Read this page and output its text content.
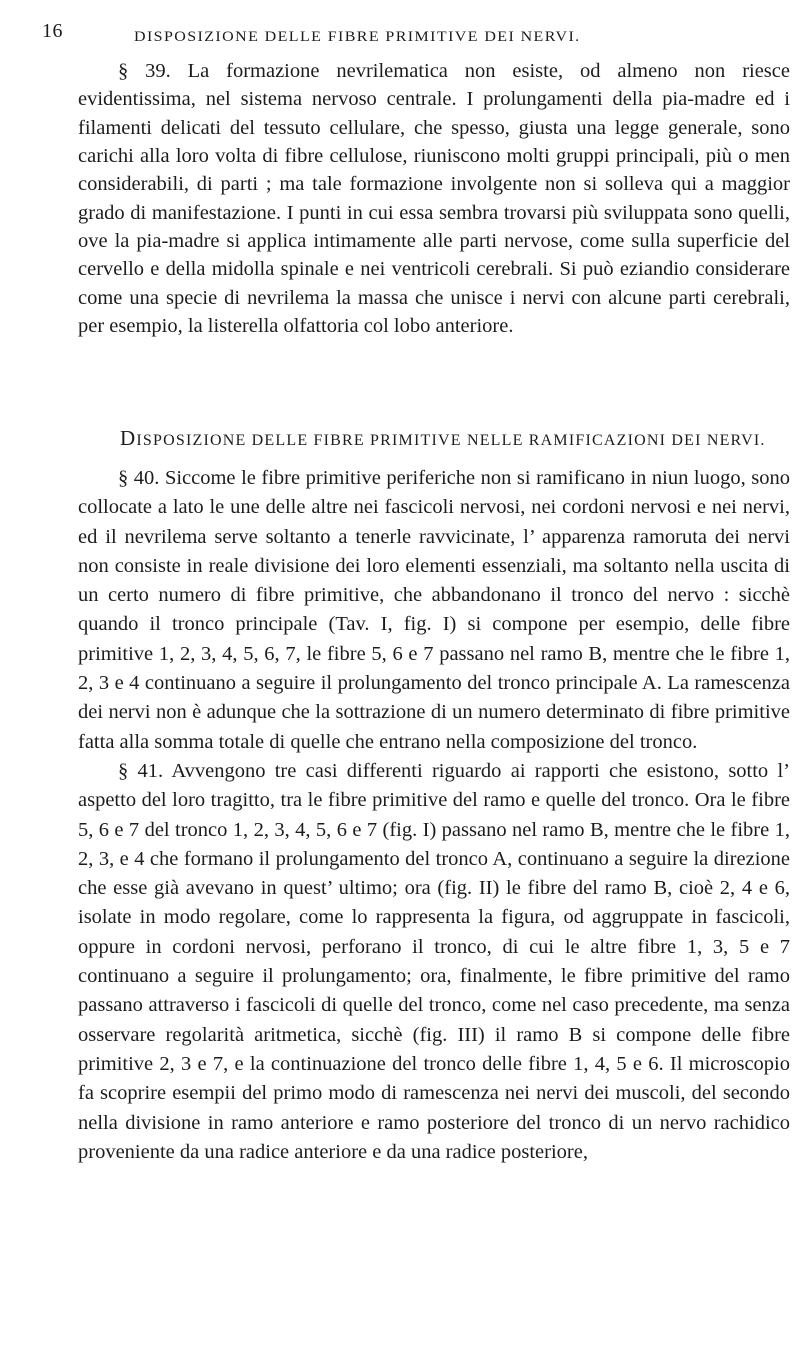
16	DISPOSIZIONE DELLE FIBRE PRIMITIVE DEI NERVI.

§ 39. La formazione nevrilematica non esiste, od almeno non riesce evidentissima, nel sistema nervoso centrale. I prolungamenti della pia-madre ed i filamenti delicati del tessuto cellulare, che spesso, giusta una legge generale, sono carichi alla loro volta di fibre cellulose, riuniscono molti gruppi principali, più o men considerabili, di parti ; ma tale formazione involgente non si solleva qui a maggior grado di manifestazione. I punti in cui essa sembra trovarsi più sviluppata sono quelli, ove la pia-madre si applica intimamente alle parti nervose, come sulla superficie del cervello e della midolla spinale e nei ventricoli cerebrali. Si può eziandio considerare come una specie di nevrilema la massa che unisce i nervi con alcune parti cerebrali, per esempio, la listerella olfattoria col lobo anteriore.

DISPOSIZIONE DELLE FIBRE PRIMITIVE NELLE RAMIFICAZIONI DEI NERVI.

§ 40. Siccome le fibre primitive periferiche non si ramificano in niun luogo, sono collocate a lato le une delle altre nei fascicoli nervosi, nei cordoni nervosi e nei nervi, ed il nevrilema serve soltanto a tenerle ravvicinate, l’ apparenza ramoruta dei nervi non consiste in reale divisione dei loro elementi essenziali, ma soltanto nella uscita di un certo numero di fibre primitive, che abbandonano il tronco del nervo : sicchè quando il tronco principale (Tav. I, fig. I) si compone per esempio, delle fibre primitive 1, 2, 3, 4, 5, 6, 7, le fibre 5, 6 e 7 passano nel ramo B, mentre che le fibre 1, 2, 3 e 4 continuano a seguire il prolungamento del tronco principale A. La ramescenza dei nervi non è adunque che la sottrazione di un numero determinato di fibre primitive fatta alla somma totale di quelle che entrano nella composizione del tronco.

§ 41. Avvengono tre casi differenti riguardo ai rapporti che esistono, sotto l’ aspetto del loro tragitto, tra le fibre primitive del ramo e quelle del tronco. Ora le fibre 5, 6 e 7 del tronco 1, 2, 3, 4, 5, 6 e 7 (fig. I) passano nel ramo B, mentre che le fibre 1, 2, 3, e 4 che formano il prolungamento del tronco A, continuano a seguire la direzione che esse già avevano in quest’ ultimo; ora (fig. II) le fibre del ramo B, cioè 2, 4 e 6, isolate in modo regolare, come lo rappresenta la figura, od aggruppate in fascicoli, oppure in cordoni nervosi, perforano il tronco, di cui le altre fibre 1, 3, 5 e 7 continuano a seguire il prolungamento; ora, finalmente, le fibre primitive del ramo passano attraverso i fascicoli di quelle del tronco, come nel caso precedente, ma senza osservare regolarità aritmetica, sicchè (fig. III) il ramo B si compone delle fibre primitive 2, 3 e 7, e la continuazione del tronco delle fibre 1, 4, 5 e 6. Il microscopio fa scoprire esempii del primo modo di ramescenza nei nervi dei muscoli, del secondo nella divisione in ramo anteriore e ramo posteriore del tronco di un nervo rachidico proveniente da una radice anteriore e da una radice posteriore,
